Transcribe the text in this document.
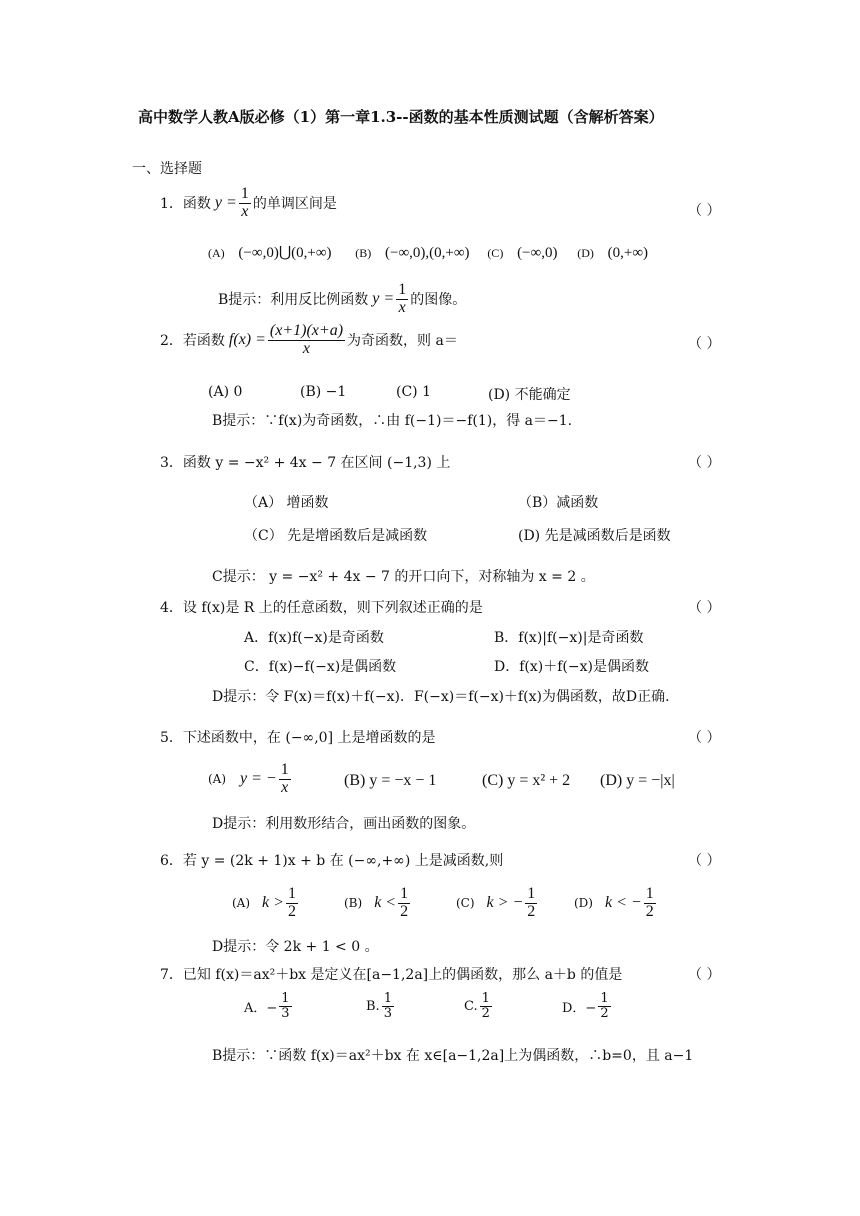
高中数学人教A版必修（1）第一章1.3--函数的基本性质测试题（含解析答案）
一、选择题
1．函数 $y = \frac{1}{x}$ 的单调区间是	（ ）
(A) (−∞,0)⋃(0,+∞) (B) (−∞,0),(0,+∞) (C) (−∞,0) (D) (0,+∞)
B提示：利用反比例函数 $y = \frac{1}{x}$ 的图像。
2．若函数 $f(x) = \frac{(x+1)(x+a)}{x}$ 为奇函数，则 a＝	（ ）
(A) 0	(B) −1	(C) 1	(D) 不能确定
B提示：∵f(x)为奇函数，∴由 f(−1)＝−f(1)，得 a＝−1.
3．函数 y = −x² + 4x − 7 在区间 (−1,3) 上	（ ）
（A） 增函数	（B）减函数
（C） 先是增函数后是减函数	(D) 先是减函数后是函数
C提示： y = −x² + 4x − 7 的开口向下，对称轴为 x = 2 。
4．设 f(x)是 R 上的任意函数，则下列叙述正确的是	（ ）
A．f(x)f(−x)是奇函数	B．f(x)|f(−x)|是奇函数
C．f(x)−f(−x)是偶函数	D．f(x)＋f(−x)是偶函数
D提示：令 F(x)＝f(x)＋f(−x)．F(−x)＝f(−x)＋f(x)为偶函数，故D正确.
5．下述函数中，在 (−∞,0] 上是增函数的是	（ ）
(A) y = − $\frac{1}{x}$	(B) y = −x − 1	(C) y = x² + 2 (D) y = −|x|
D提示：利用数形结合，画出函数的图象。
6．若 y = (2k + 1)x + b 在 (−∞,+∞) 上是减函数,则	（ ）
(A) $k > \frac{1}{2}$	(B) $k < \frac{1}{2}$	(C) k > − $\frac{1}{2}$	(D) k < − $\frac{1}{2}$
D提示：令 2k + 1 < 0 。
7．已知 f(x)＝ax²＋bx 是定义在[a−1,2a]上的偶函数，那么 a＋b 的值是	（ ）
A．− $\frac{1}{3}$	B. $\frac{1}{3}$	C. $\frac{1}{2}$	D．− $\frac{1}{2}$
B提示：∵函数 f(x)＝ax²＋bx 在 x∈[a−1,2a]上为偶函数，∴b=0，且 a−1
